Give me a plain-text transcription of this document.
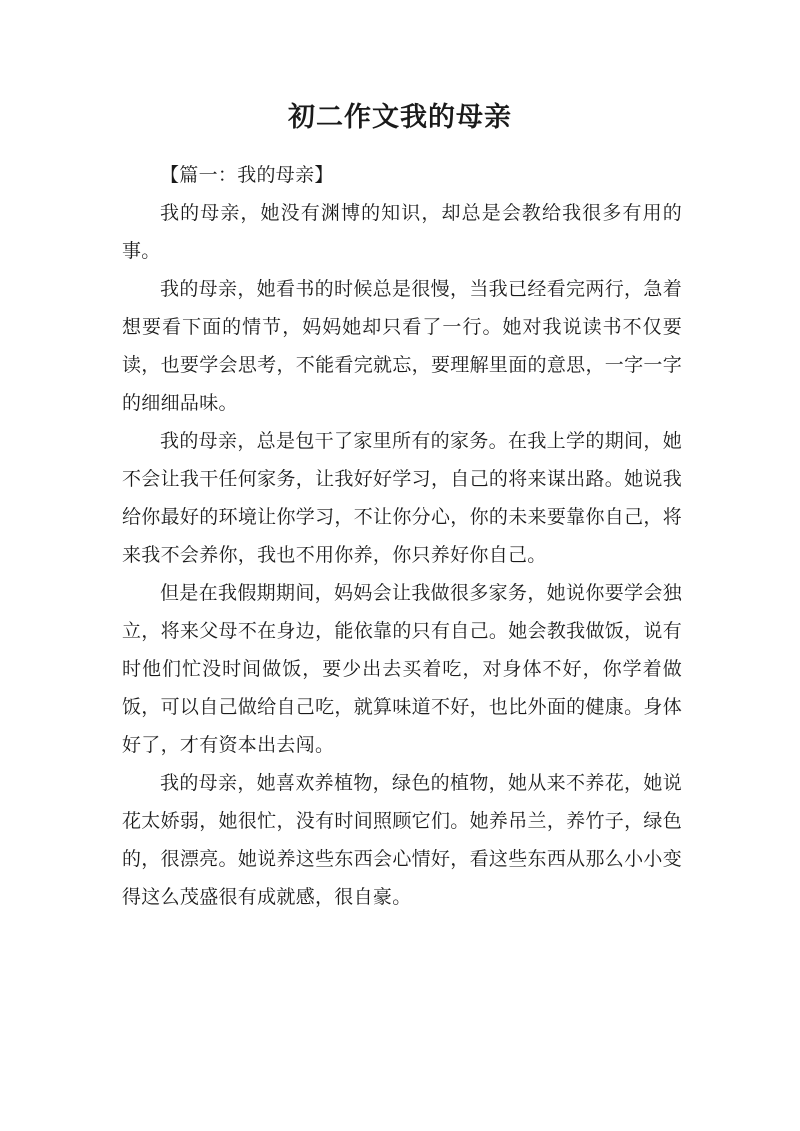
初二作文我的母亲

【篇一：我的母亲】

我的母亲，她没有渊博的知识，却总是会教给我很多有用的事。

我的母亲，她看书的时候总是很慢，当我已经看完两行，急着想要看下面的情节，妈妈她却只看了一行。她对我说读书不仅要读，也要学会思考，不能看完就忘，要理解里面的意思，一字一字的细细品味。

我的母亲，总是包干了家里所有的家务。在我上学的期间，她不会让我干任何家务，让我好好学习，自己的将来谋出路。她说我给你最好的环境让你学习，不让你分心，你的未来要靠你自己，将来我不会养你，我也不用你养，你只养好你自己。

但是在我假期期间，妈妈会让我做很多家务，她说你要学会独立，将来父母不在身边，能依靠的只有自己。她会教我做饭，说有时他们忙没时间做饭，要少出去买着吃，对身体不好，你学着做饭，可以自己做给自己吃，就算味道不好，也比外面的健康。身体好了，才有资本出去闯。

我的母亲，她喜欢养植物，绿色的植物，她从来不养花，她说花太娇弱，她很忙，没有时间照顾它们。她养吊兰，养竹子，绿色的，很漂亮。她说养这些东西会心情好，看这些东西从那么小小变得这么茂盛很有成就感，很自豪。
